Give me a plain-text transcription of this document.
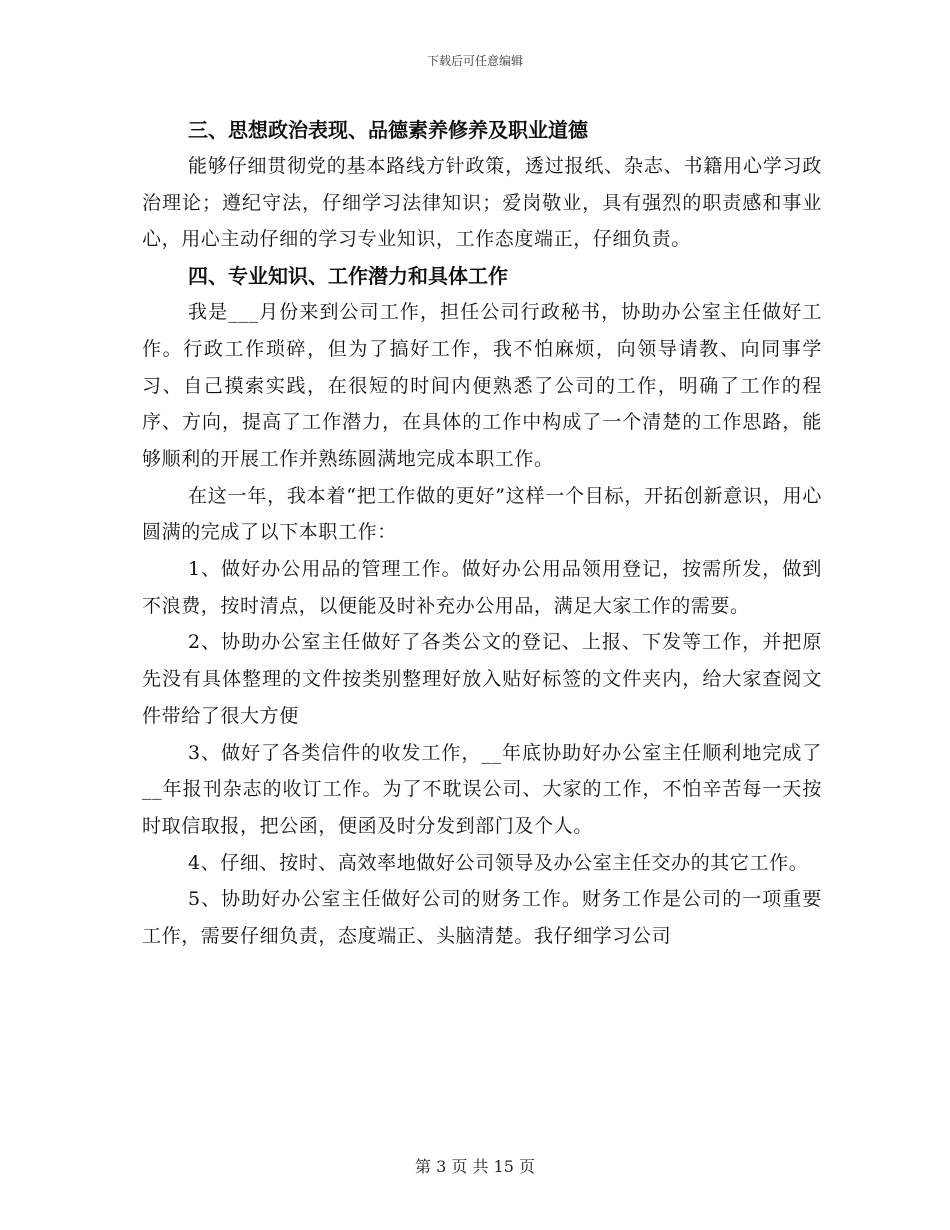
下载后可任意编辑
三、思想政治表现、品德素养修养及职业道德
能够仔细贯彻党的基本路线方针政策，透过报纸、杂志、书籍用心学习政治理论；遵纪守法，仔细学习法律知识；爱岗敬业，具有强烈的职责感和事业心，用心主动仔细的学习专业知识，工作态度端正，仔细负责。
四、专业知识、工作潜力和具体工作
我是___月份来到公司工作，担任公司行政秘书，协助办公室主任做好工作。行政工作琐碎，但为了搞好工作，我不怕麻烦，向领导请教、向同事学习、自己摸索实践，在很短的时间内便熟悉了公司的工作，明确了工作的程序、方向，提高了工作潜力，在具体的工作中构成了一个清楚的工作思路，能够顺利的开展工作并熟练圆满地完成本职工作。
在这一年，我本着“把工作做的更好”这样一个目标，开拓创新意识，用心圆满的完成了以下本职工作：
1、做好办公用品的管理工作。做好办公用品领用登记，按需所发，做到不浪费，按时清点，以便能及时补充办公用品，满足大家工作的需要。
2、协助办公室主任做好了各类公文的登记、上报、下发等工作，并把原先没有具体整理的文件按类别整理好放入贴好标签的文件夹内，给大家查阅文件带给了很大方便
3、做好了各类信件的收发工作，__年底协助好办公室主任顺利地完成了__年报刊杂志的收订工作。为了不耽误公司、大家的工作，不怕辛苦每一天按时取信取报，把公函，便函及时分发到部门及个人。
4、仔细、按时、高效率地做好公司领导及办公室主任交办的其它工作。
5、协助好办公室主任做好公司的财务工作。财务工作是公司的一项重要工作，需要仔细负责，态度端正、头脑清楚。我仔细学习公司
第 3 页 共 15 页
